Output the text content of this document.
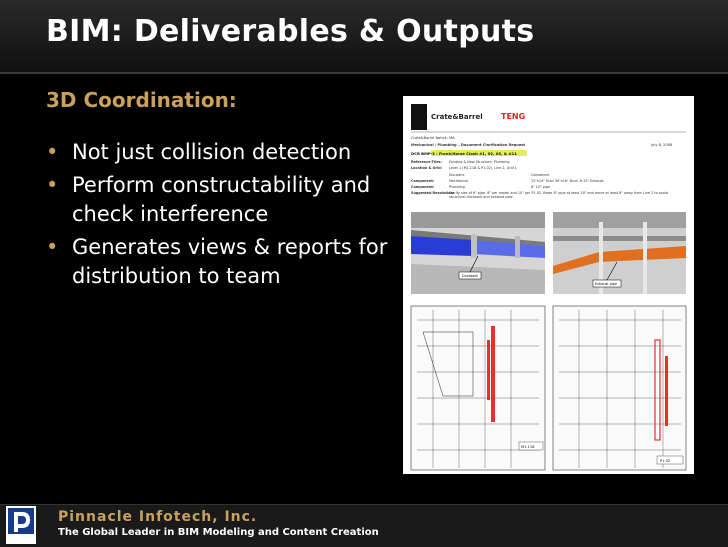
BIM: Deliverables & Outputs
3D Coordination:
• Not just collision detection
• Perform constructability and check interference
• Generates views & reports for distribution to team
Crate&Barrel TENG
Crate&Barrel Natick, MA
Mechanical / Plumbing – Document Clarification Request	July 8, 2008
DCR BMP-3 : Frank/Horse Clash #1, 02, 05, & #11
Reference Files: Existing & New Structure; Plumbing
Location & Grid: Level 1 (M1.11B & P1.02), Line 2, Grid L
Discipline	Component
Component:	Mechanical	12"x14" Duct 30"x16" Duct, 6.10" Exhaust
Component:	Plumbing	8" 10" pipe
Suggested Resolution:
Clarify size of 6" pipe. 8" per model and 10" per P1.02. Raise 8" pipe at least 18" and move at least 8" away from Line 2 to avoid structural ductwork and exhaust pipe.
Ductwork
Exhaust pipe
M1.11B
P1.02
Pinnacle Infotech, Inc.
The Global Leader in BIM Modeling and Content Creation
